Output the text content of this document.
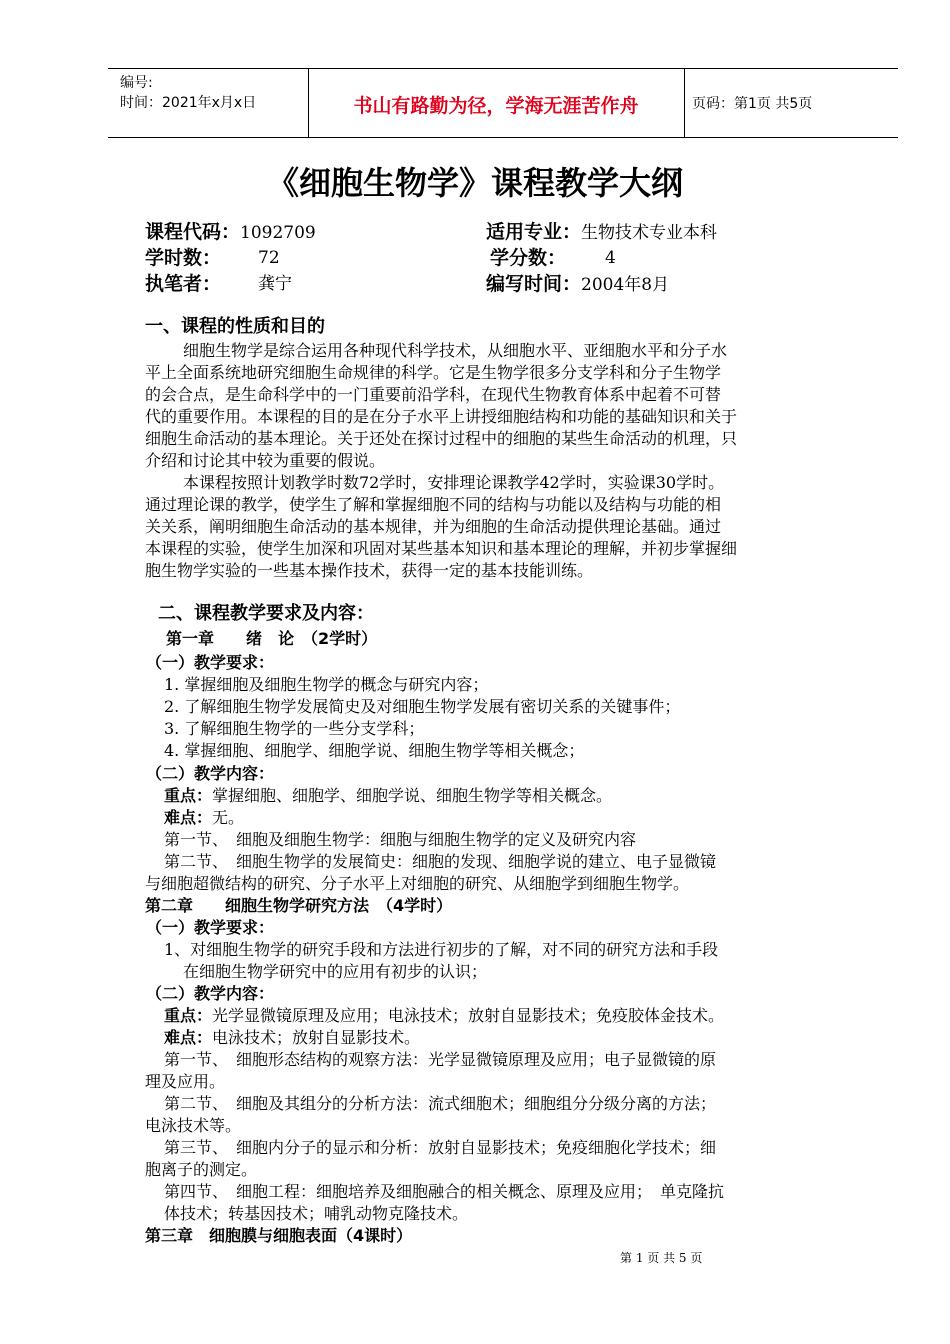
编号:
时间：2021年x月x日	书山有路勤为径，学海无涯苦作舟	页码：第1页 共5页
《细胞生物学》课程教学大纲
课程代码：1092709	适用专业：生物技术专业本科
学时数： 72	学分数： 4
执笔者： 龚宁	编写时间：2004年8月
一、课程的性质和目的
细胞生物学是综合运用各种现代科学技术，从细胞水平、亚细胞水平和分子水
平上全面系统地研究细胞生命规律的科学。它是生物学很多分支学科和分子生物学
的会合点，是生命科学中的一门重要前沿学科，在现代生物教育体系中起着不可替
代的重要作用。本课程的目的是在分子水平上讲授细胞结构和功能的基础知识和关于
细胞生命活动的基本理论。关于还处在探讨过程中的细胞的某些生命活动的机理，只
介绍和讨论其中较为重要的假说。
本课程按照计划教学时数72学时，安排理论课教学42学时，实验课30学时。
通过理论课的教学，使学生了解和掌握细胞不同的结构与功能以及结构与功能的相
关关系，阐明细胞生命活动的基本规律，并为细胞的生命活动提供理论基础。通过
本课程的实验，使学生加深和巩固对某些基本知识和基本理论的理解，并初步掌握细
胞生物学实验的一些基本操作技术，获得一定的基本技能训练。
二、课程教学要求及内容：
第一章　　绪　论　（2学时）
（一）教学要求：
1. 掌握细胞及细胞生物学的概念与研究内容；
2. 了解细胞生物学发展简史及对细胞生物学发展有密切关系的关键事件；
3. 了解细胞生物学的一些分支学科；
4. 掌握细胞、细胞学、细胞学说、细胞生物学等相关概念；
（二）教学内容：
重点：掌握细胞、细胞学、细胞学说、细胞生物学等相关概念。
难点：无。
第一节、　细胞及细胞生物学：细胞与细胞生物学的定义及研究内容
第二节、　细胞生物学的发展简史：细胞的发现、细胞学说的建立、电子显微镜
与细胞超微结构的研究、分子水平上对细胞的研究、从细胞学到细胞生物学。
第二章　　细胞生物学研究方法　（4学时）
（一）教学要求：
1、对细胞生物学的研究手段和方法进行初步的了解，对不同的研究方法和手段
在细胞生物学研究中的应用有初步的认识；
（二）教学内容：
重点：光学显微镜原理及应用；电泳技术；放射自显影技术；免疫胶体金技术。
难点：电泳技术；放射自显影技术。
第一节、　细胞形态结构的观察方法：光学显微镜原理及应用；电子显微镜的原
理及应用。
第二节、　细胞及其组分的分析方法：流式细胞术；细胞组分分级分离的方法；
电泳技术等。
第三节、　细胞内分子的显示和分析：放射自显影技术；免疫细胞化学技术；细
胞离子的测定。
第四节、　细胞工程：细胞培养及细胞融合的相关概念、原理及应用；　单克隆抗
体技术；转基因技术；哺乳动物克隆技术。
第三章　细胞膜与细胞表面（4课时）
第 1 页 共 5 页
